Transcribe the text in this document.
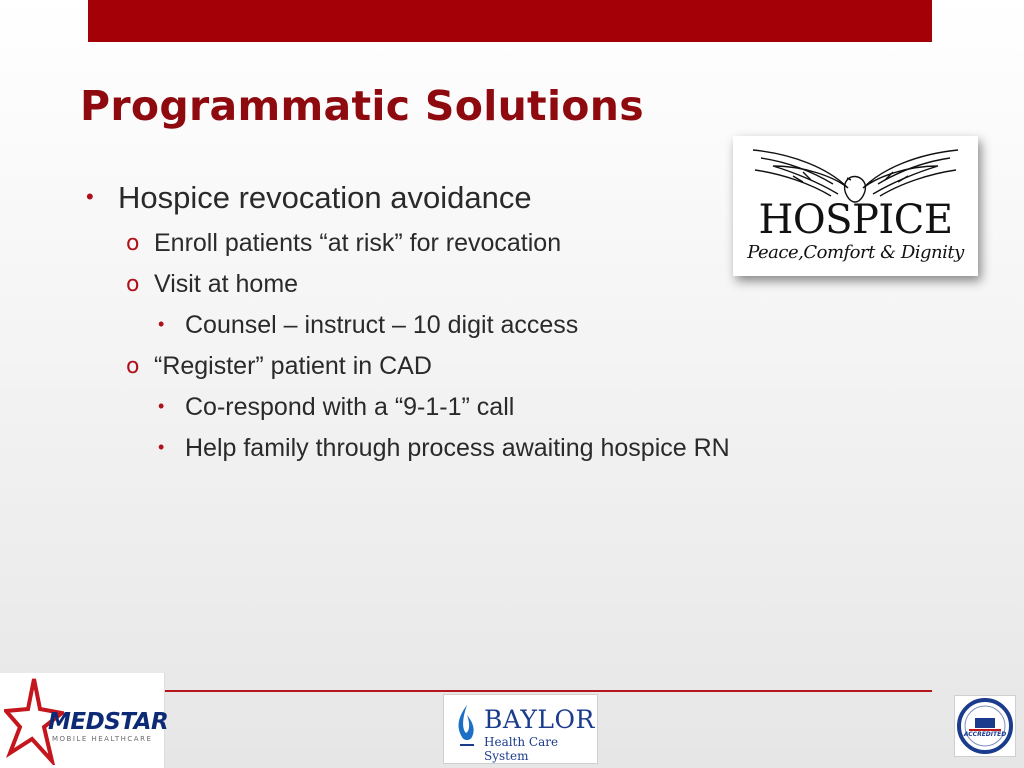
Programmatic Solutions
• Hospice revocation avoidance
o Enroll patients “at risk” for revocation
o Visit at home
• Counsel – instruct – 10 digit access
o “Register” patient in CAD
• Co-respond with a “9-1-1” call
• Help family through process awaiting hospice RN
HOSPICE
Peace,Comfort & Dignity
MEDSTAR
MOBILE HEALTHCARE
BAYLOR
Health Care System
ACCREDITED
